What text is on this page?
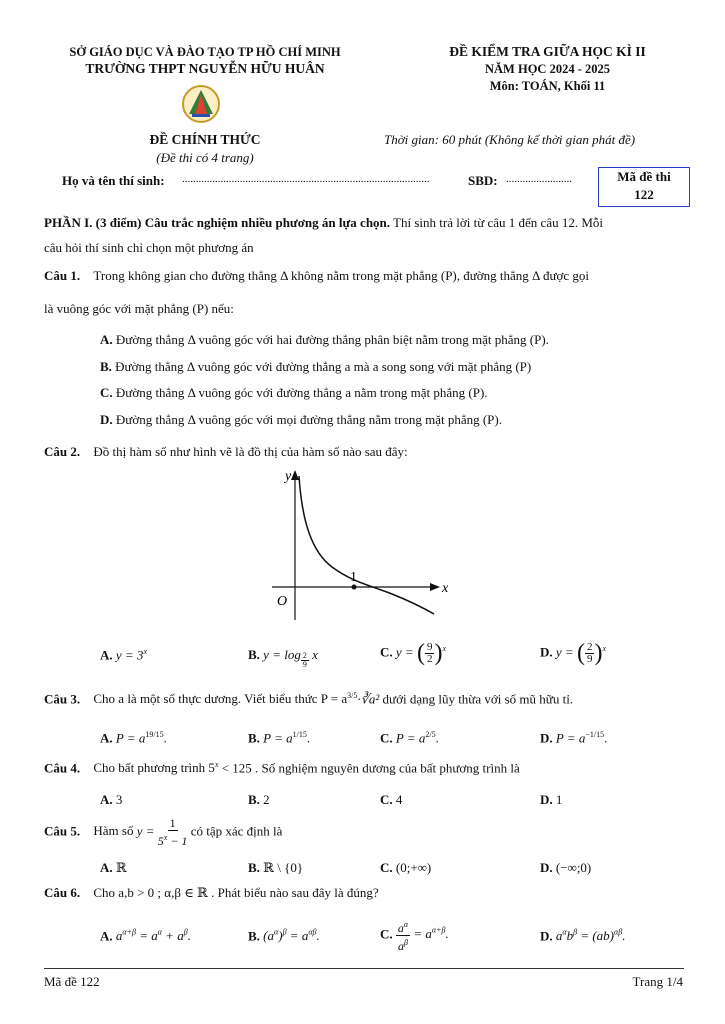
SỞ GIÁO DỤC VÀ ĐÀO TẠO TP HỒ CHÍ MINH
TRƯỜNG THPT NGUYỄN HỮU HUÂN
ĐỀ KIỂM TRA GIỮA HỌC KÌ II
NĂM HỌC 2024 - 2025
Môn: TOÁN, Khối 11
ĐỀ CHÍNH THỨC
(Đề thi có 4 trang)
Thời gian: 60 phút (Không kể thời gian phát đề)
Họ và tên thí sinh: ..........................................................................................	SBD: ........................	Mã đề thi
122
PHẦN I. (3 điểm) Câu trắc nghiệm nhiều phương án lựa chọn. Thí sinh trả lời từ câu 1 đến câu 12. Mỗi
câu hỏi thí sinh chỉ chọn một phương án
Câu 1. Trong không gian cho đường thẳng Δ không nằm trong mặt phẳng (P), đường thẳng Δ được gọi
là vuông góc với mặt phẳng (P) nếu:
A. Đường thẳng Δ vuông góc với hai đường thẳng phân biệt nằm trong mặt phẳng (P).
B. Đường thẳng Δ vuông góc với đường thẳng a mà a song song với mặt phẳng (P)
C. Đường thẳng Δ vuông góc với đường thẳng a nằm trong mặt phẳng (P).
D. Đường thẳng Δ vuông góc với mọi đường thẳng nằm trong mặt phẳng (P).
Câu 2. Đồ thị hàm số như hình vẽ là đồ thị của hàm số nào sau đây:
y
x
O
1
A. $y = 3^x$	B. y = log $_{\frac{2}{9}}$ x	C. y = ( $\frac{9}{2} )^x$	D. y = ( $\frac{2}{9} )^x$
Câu 3. Cho a là một số thực dương. Viết biểu thức $P = a^{3/5}\cdot∛a^2$ dưới dạng lũy thừa với số mũ hữu tỉ.
A. $P = a^{19/15}$.	B. $P = a^{1/15}$.	C. $P = a^{2/5}$.	D. $P = a^{-1/15}$.
Câu 4. Cho bất phương trình $5^x < 125$ . Số nghiệm nguyên dương của bất phương trình là
A. 3	B. 2	C. 4	D. 1
Câu 5. Hàm số $y = \frac{1}{5^x - 1}$ có tập xác định là
A. ℝ	B. ℝ \ {0}	C. (0;+∞)	D. (−∞;0)
Câu 6. Cho a,b > 0 ; α,β ∈ ℝ . Phát biểu nào sau đây là đúng?
A. $a^{\alpha+\beta} = a^\alpha + a^\beta$.	B. $(a^\alpha)^\beta = a^{\alpha\beta}$.	C. $\frac{a^\alpha}{a^\beta} = a^{\alpha+\beta}$.	D. $a^\alpha b^\beta = (ab)^{\alpha\beta}$.
Mã đề 122	Trang 1/4
